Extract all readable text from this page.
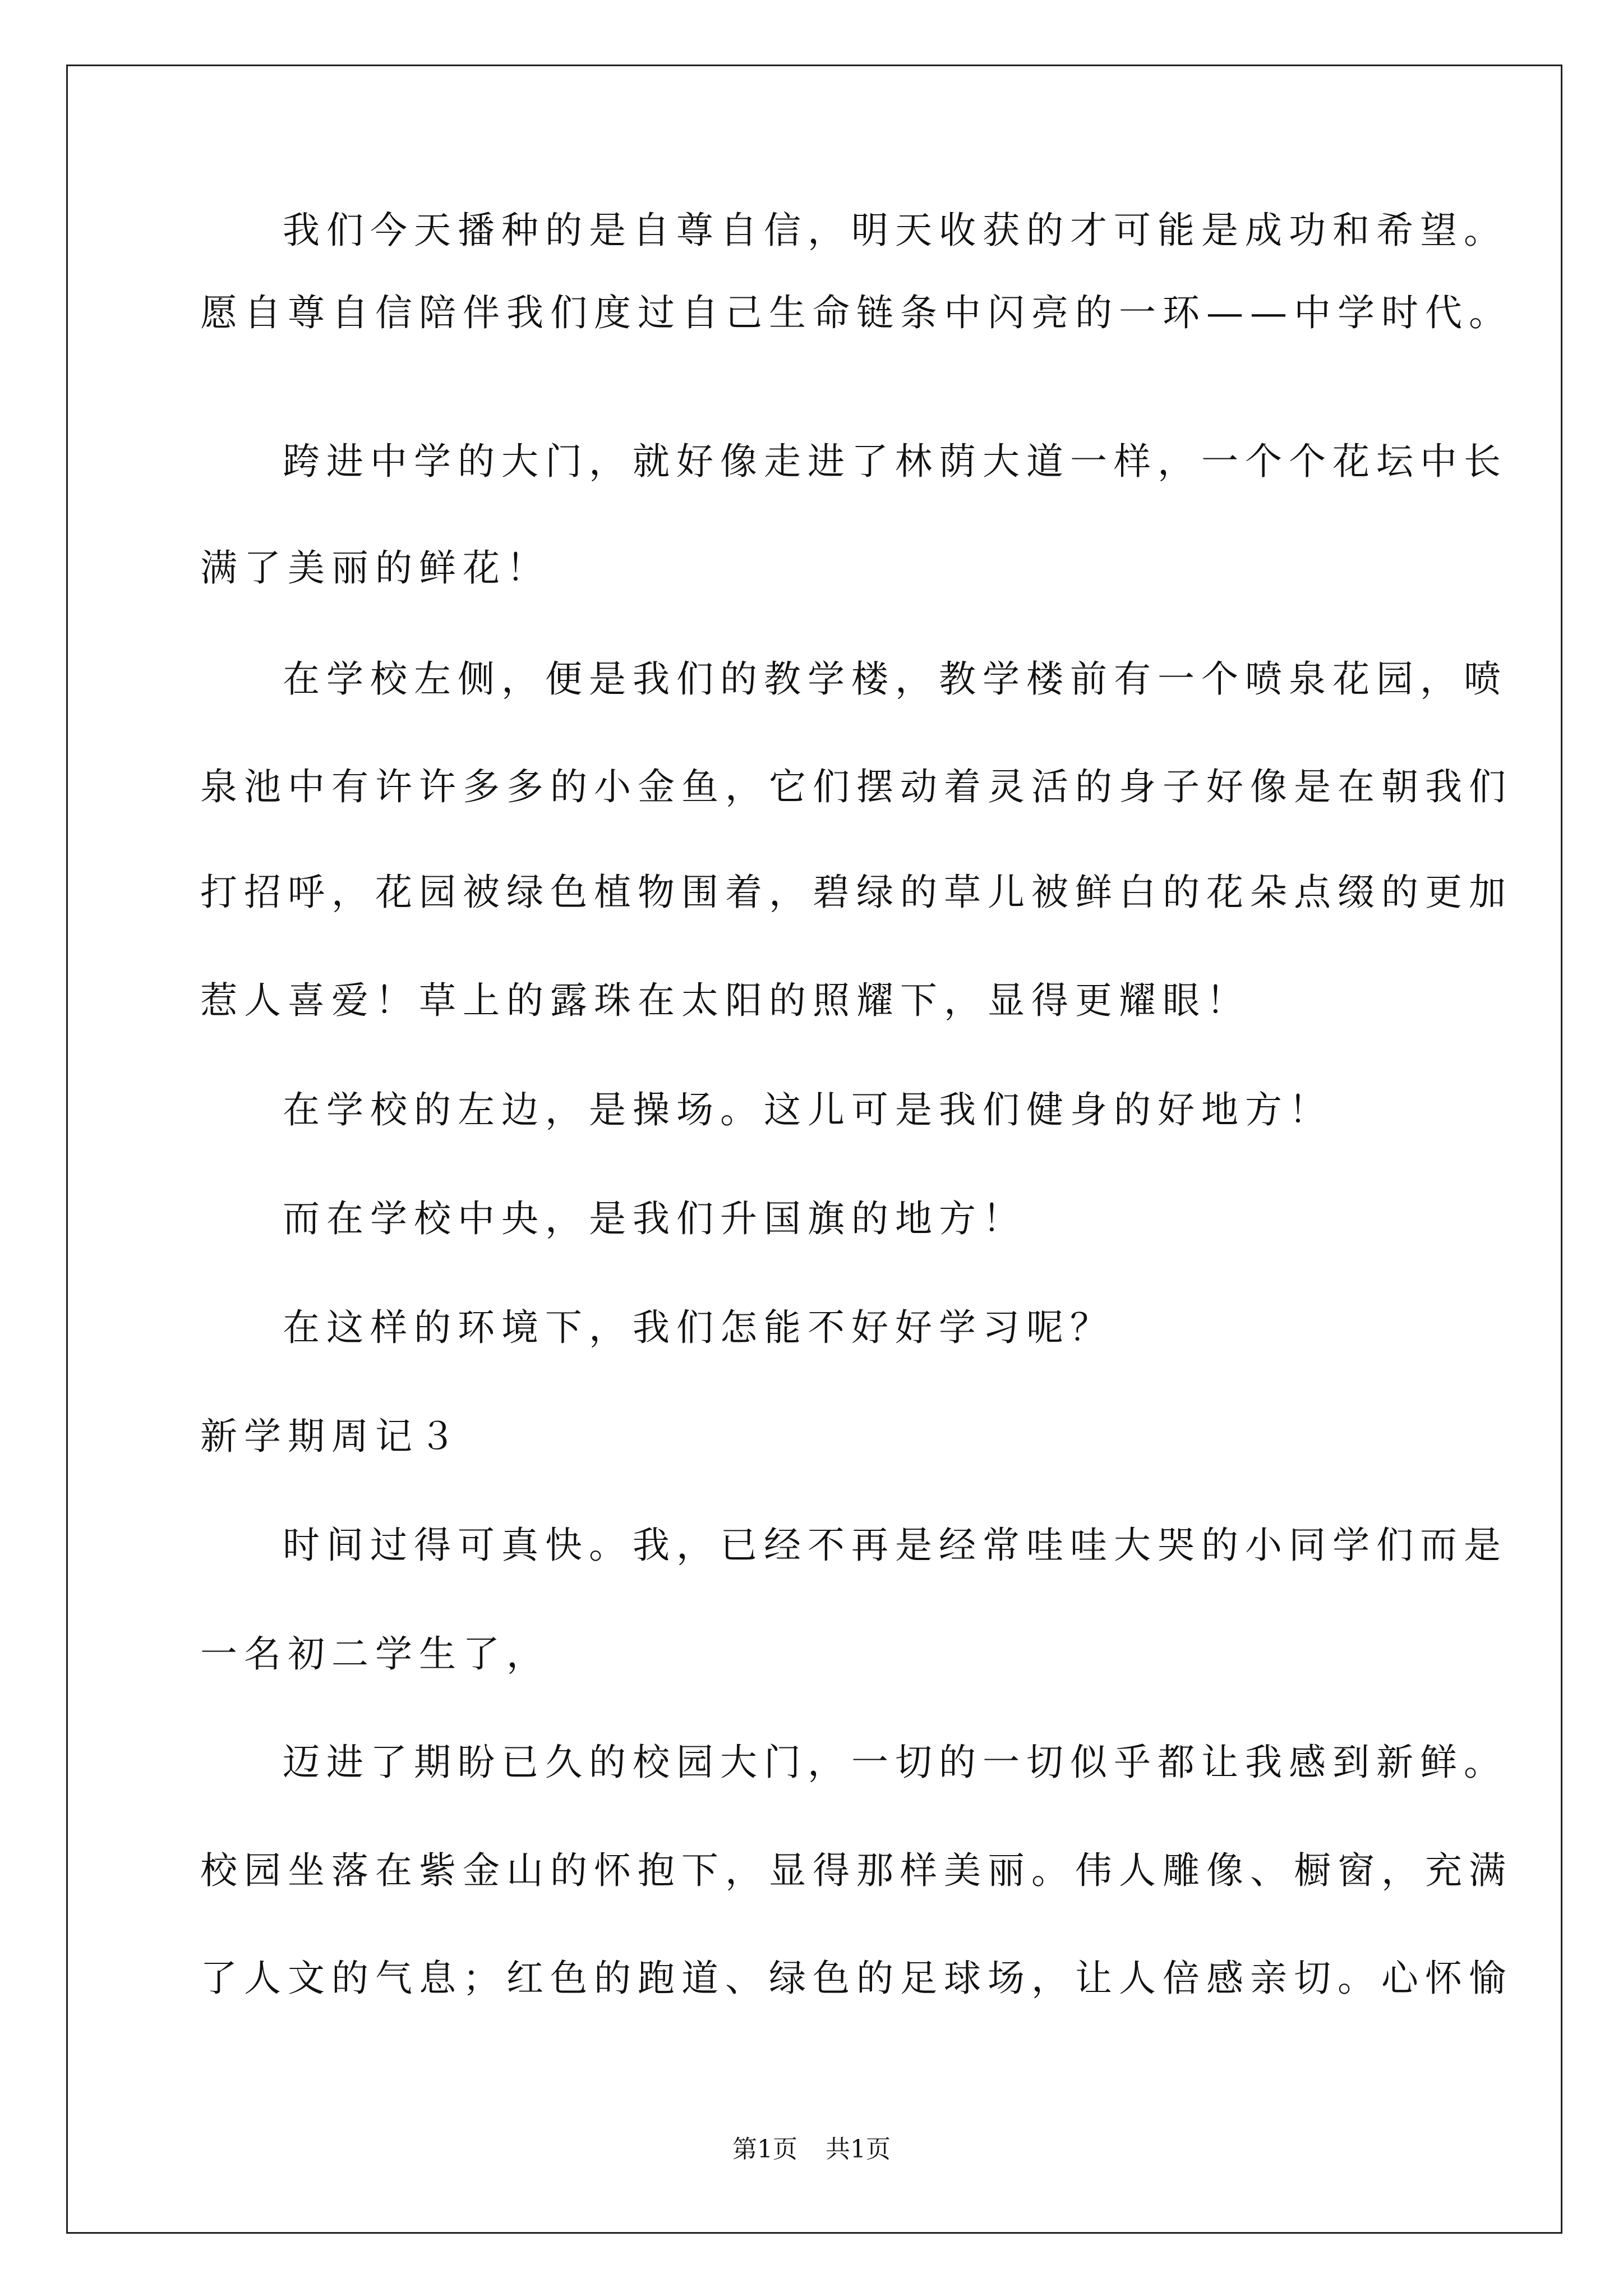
我们今天播种的是自尊自信，明天收获的才可能是成功和希望。
愿自尊自信陪伴我们度过自己生命链条中闪亮的一环——中学时代。
跨进中学的大门，就好像走进了林荫大道一样，一个个花坛中长
满了美丽的鲜花！
在学校左侧，便是我们的教学楼，教学楼前有一个喷泉花园，喷
泉池中有许许多多的小金鱼，它们摆动着灵活的身子好像是在朝我们
打招呼，花园被绿色植物围着，碧绿的草儿被鲜白的花朵点缀的更加
惹人喜爱！草上的露珠在太阳的照耀下，显得更耀眼！
在学校的左边，是操场。这儿可是我们健身的好地方！
而在学校中央，是我们升国旗的地方！
在这样的环境下，我们怎能不好好学习呢？
新学期周记３
时间过得可真快。我，已经不再是经常哇哇大哭的小同学们而是
一名初二学生了，
迈进了期盼已久的校园大门，一切的一切似乎都让我感到新鲜。
校园坐落在紫金山的怀抱下，显得那样美丽。伟人雕像、橱窗，充满
了人文的气息；红色的跑道、绿色的足球场，让人倍感亲切。心怀愉
第1页 共1页
